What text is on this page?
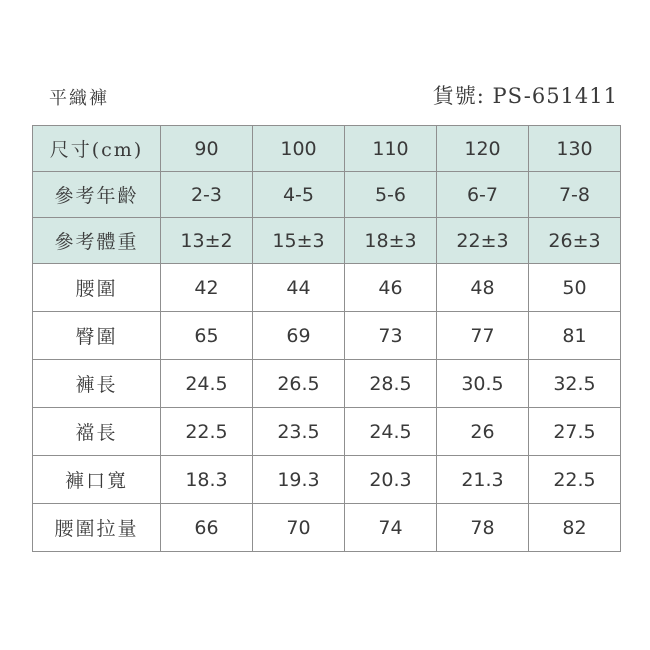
平織褲	貨號: PS-651411
尺寸(cm)	90	100	110	120	130
參考年齡	2-3	4-5	5-6	6-7	7-8
參考體重	13±2	15±3	18±3	22±3	26±3
腰圍	42	44	46	48	50
臀圍	65	69	73	77	81
褲長	24.5	26.5	28.5	30.5	32.5
襠長	22.5	23.5	24.5	26	27.5
褲口寬	18.3	19.3	20.3	21.3	22.5
腰圍拉量	66	70	74	78	82
